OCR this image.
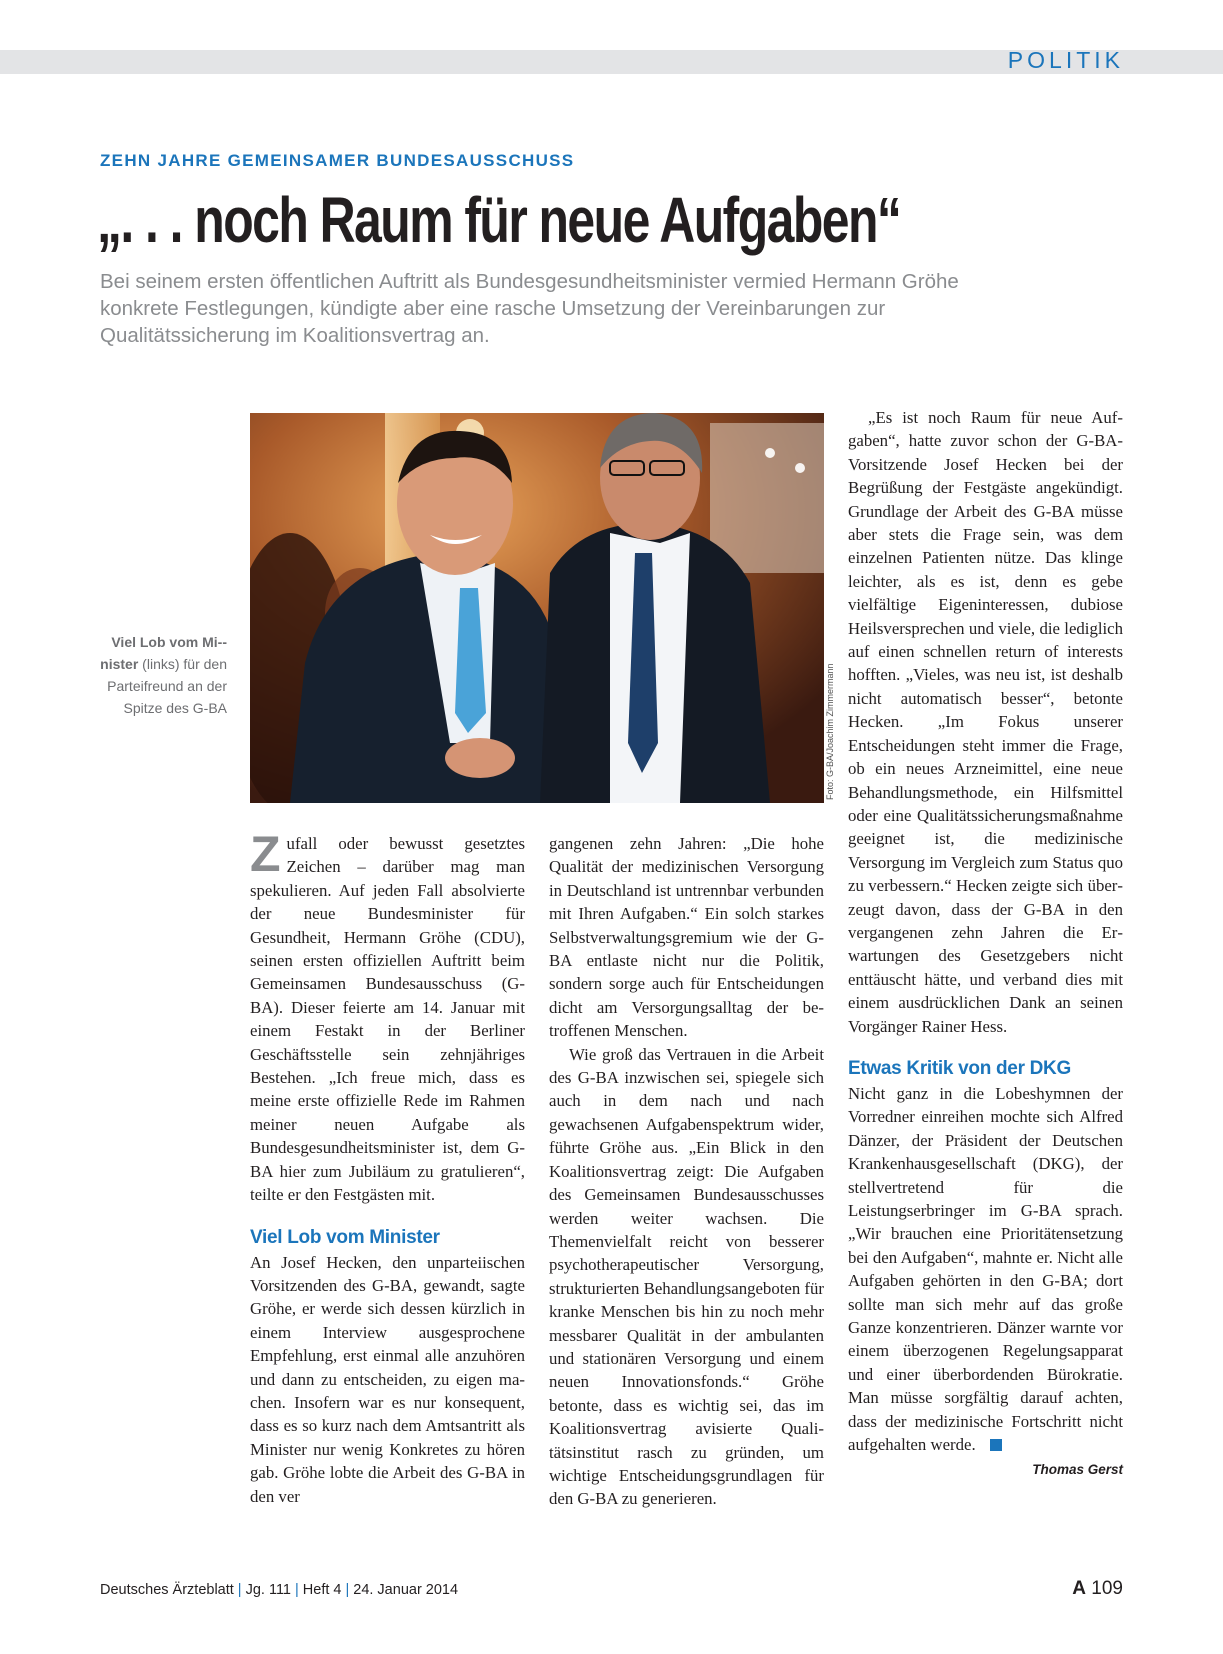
POLITIK
ZEHN JAHRE GEMEINSAMER BUNDESAUSSCHUSS
„. . . noch Raum für neue Aufgaben“
Bei seinem ersten öffentlichen Auftritt als Bundesgesundheitsminister vermied Hermann Gröhe konkrete Festlegungen, kündigte aber eine rasche Umsetzung der Vereinbarungen zur Qualitätssicherung im Koalitionsvertrag an.
Viel Lob vom Mi-nister (links) für den Parteifreund an der Spitze des G-BA	Foto: G-BA/Joachim Zimmermann

Zufall oder bewusst gesetztes Zeichen – darüber mag man spekulieren. Auf jeden Fall absolvierte der neue Bundesminister für Gesundheit, Hermann Gröhe (CDU), seinen ersten offiziellen Auftritt beim Gemeinsamen Bundesausschuss (G-BA). Dieser feierte am 14. Januar mit einem Festakt in der Berliner Geschäftsstelle sein zehnjähriges Bestehen. „Ich freue mich, dass es meine erste offizielle Rede im Rahmen meiner neuen Aufgabe als Bundesgesundheitsminister ist, dem G-BA hier zum Jubiläum zu gratulieren“, teilte er den Festgästen mit.

Viel Lob vom Minister

An Josef Hecken, den unparteiischen Vorsitzenden des G-BA, gewandt, sagte Gröhe, er werde sich dessen kürzlich in einem Interview ausgesprochene Empfehlung, erst einmal alle anzuhören und dann zu entscheiden, zu eigen machen. Insofern war es nur konsequent, dass es so kurz nach dem Amtsantritt als Minister nur wenig Konkretes zu hören gab. Gröhe lobte die Arbeit des G-BA in den ver

gangenen zehn Jahren: „Die hohe Qualität der medizinischen Versorgung in Deutschland ist untrennbar verbunden mit Ihren Aufgaben.“ Ein solch starkes Selbstverwaltungsgremium wie der G-BA entlaste nicht nur die Politik, sondern sorge auch für Entscheidungen dicht am Versorgungsalltag der betroffenen Menschen.

Wie groß das Vertrauen in die Arbeit des G-BA inzwischen sei, spiegele sich auch in dem nach und nach gewachsenen Aufgabenspektrum wider, führte Gröhe aus. „Ein Blick in den Koalitionsvertrag zeigt: Die Aufgaben des Gemeinsamen Bundesausschusses werden weiter wachsen. Die Themenvielfalt reicht von besserer psychotherapeutischer Versorgung, strukturierten Behandlungsangeboten für kranke Menschen bis hin zu noch mehr messbarer Qualität in der ambulanten und stationären Versorgung und einem neuen Innovationsfonds.“ Gröhe betonte, dass es wichtig sei, das im Koalitionsvertrag avisierte Qualitätsinstitut rasch zu gründen, um wichtige Entscheidungsgrundlagen für den G-BA zu generieren.

„Es ist noch Raum für neue Aufgaben“, hatte zuvor schon der G-BA-Vorsitzende Josef Hecken bei der Begrüßung der Festgäste angekündigt. Grundlage der Arbeit des G-BA müsse aber stets die Frage sein, was dem einzelnen Patienten nütze. Das klinge leichter, als es ist, denn es gebe vielfältige Eigeninteressen, dubiose Heilsversprechen und viele, die lediglich auf einen schnellen return of interests hofften. „Vieles, was neu ist, ist deshalb nicht automatisch besser“, betonte Hecken. „Im Fokus unserer Entscheidungen steht immer die Frage, ob ein neues Arzneimittel, eine neue Behandlungsmethode, ein Hilfsmittel oder eine Qualitätssicherungsmaßnahme geeignet ist, die medizinische Versorgung im Vergleich zum Status quo zu verbessern.“ Hecken zeigte sich überzeugt davon, dass der G-BA in den vergangenen zehn Jahren die Erwartungen des Gesetzgebers nicht enttäuscht hätte, und verband dies mit einem ausdrücklichen Dank an seinen Vorgänger Rainer Hess.

Etwas Kritik von der DKG

Nicht ganz in die Lobeshymnen der Vorredner einreihen mochte sich Alfred Dänzer, der Präsident der Deutschen Krankenhausgesellschaft (DKG), der stellvertretend für die Leistungserbringer im G-BA sprach. „Wir brauchen eine Prioritätensetzung bei den Aufgaben“, mahnte er. Nicht alle Aufgaben gehörten in den G-BA; dort sollte man sich mehr auf das große Ganze konzentrieren. Dänzer warnte vor einem überzogenen Regelungsapparat und einer überbordenden Bürokratie. Man müsse sorgfältig darauf achten, dass der medizinische Fortschritt nicht aufgehalten werde.

Thomas Gerst
Deutsches Ärzteblatt | Jg. 111 | Heft 4 | 24. Januar 2014	A 109
